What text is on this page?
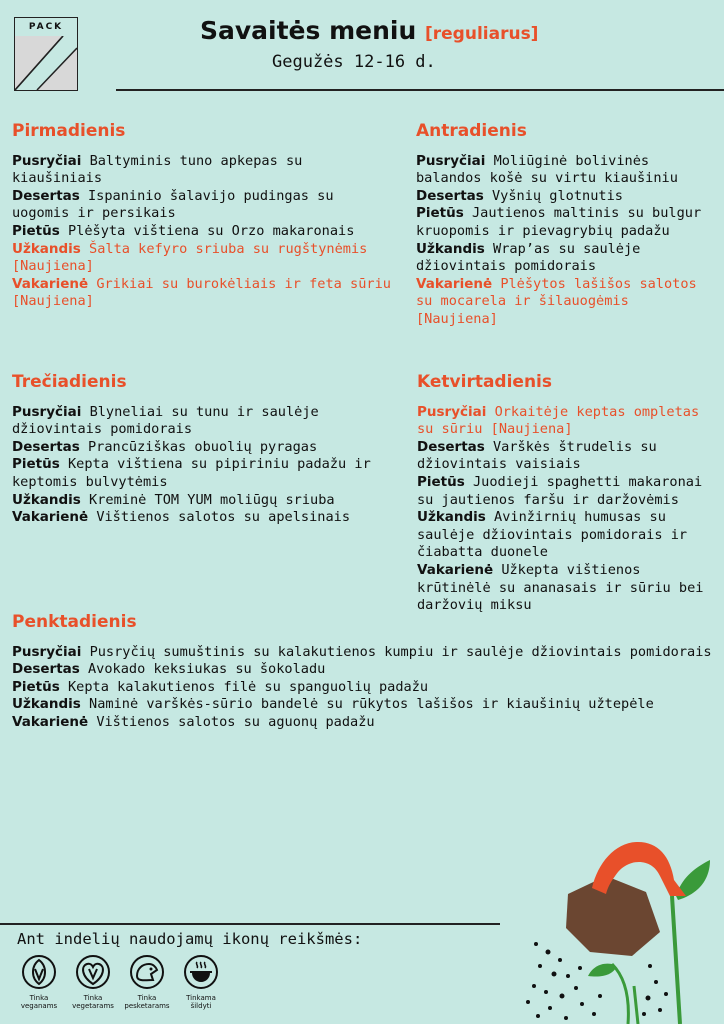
PACK	Savaitės meniu [reguliarus]
Gegužės 12-16 d.
Pirmadienis
Pusryčiai Baltyminis tuno apkepas su kiaušiniais
Desertas Ispaninio šalavijo pudingas su uogomis ir persikais
Pietūs Plėšyta vištiena su Orzo makaronais
Užkandis Šalta kefyro sriuba su rugštynėmis [Naujiena]
Vakarienė Grikiai su burokėliais ir feta sūriu [Naujiena]
Antradienis
Pusryčiai Moliūginė bolivinės balandos košė su virtu kiaušiniu
Desertas Vyšnių glotnutis
Pietūs Jautienos maltinis su bulgur kruopomis ir pievagrybių padažu
Užkandis Wrap’as su saulėje džiovintais pomidorais
Vakarienė Plėšytos lašišos salotos su mocarela ir šilauogėmis [Naujiena]
Trečiadienis
Pusryčiai Blyneliai su tunu ir saulėje džiovintais pomidorais
Desertas Prancūziškas obuolių pyragas
Pietūs Kepta vištiena su pipiriniu padažu ir keptomis bulvytėmis
Užkandis Kreminė TOM YUM moliūgų sriuba
Vakarienė Vištienos salotos su apelsinais
Ketvirtadienis
Pusryčiai Orkaitėje keptas ompletas su sūriu [Naujiena]
Desertas Varškės štrudelis su džiovintais vaisiais
Pietūs Juodieji spaghetti makaronai su jautienos faršu ir daržovėmis
Užkandis Avinžirnių humusas su saulėje džiovintais pomidorais ir čiabatta duonele
Vakarienė Užkepta vištienos krūtinėlė su ananasais ir sūriu bei daržovių miksu
Penktadienis
Pusryčiai Pusryčių sumuštinis su kalakutienos kumpiu ir saulėje džiovintais pomidorais
Desertas Avokado keksiukas su šokoladu
Pietūs Kepta kalakutienos filė su spanguolių padažu
Užkandis Naminė varškės-sūrio bandelė su rūkytos lašišos ir kiaušinių užtepėle
Vakarienė Vištienos salotos su aguonų padažu
Ant indelių naudojamų ikonų reikšmės:
Tinka
veganams
Tinka
vegetarams
Tinka
pesketarams
Tinkama
šildyti
